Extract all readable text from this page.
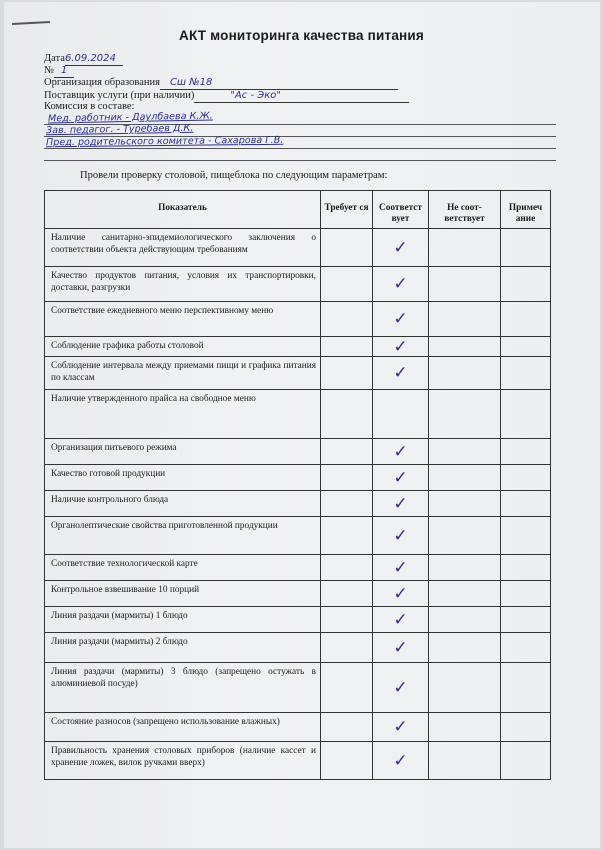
АКТ мониторинга качества питания
Дата6.09.2024
№ 1
Организация образования Сш №18
Поставщик услуги (при наличии)	"Ас - Эко"
Комиссия в составе:
Мед. работник - Даулбаева К.Ж.
Зав. педагог. - Туребаев Д.К.
Пред. родительского комитета - Сахарова Г.В.
Провели проверку столовой, пищеблока по следующим параметрам:
Показатель	Требует ся	Соответст вует	Не соот- ветствует	Примеч ание
Наличие санитарно-эпидемиологического заключения о соответствии объекта действующим требованиям		✓		

Качество продуктов питания, условия их транспортировки, доставки, разгрузки		✓		

Соответствие ежедневного меню перспективному меню		✓		

Соблюдение графика работы столовой		✓		

Соблюдение интервала между приемами пищи и графика питания по классам		✓		

Наличие утвержденного прайса на свободное меню				
Организация питьевого режима		✓		

Качество готовой продукции		✓		

Наличие контрольного блюда		✓		

Органолептические свойства приготовленной продукции		✓		

Соответствие технологической карте		✓		

Контрольное взвешивание 10 порций		✓		

Линия раздачи (мармиты) 1 блюдо		✓		

Линия раздачи (мармиты) 2 блюдо		✓		

Линия раздачи (мармиты) 3 блюдо (запрещено остужать в алюминиевой посуде)		✓		

Состояние разносов (запрещено использование влажных)		✓		

Правильность хранения столовых приборов (наличие кассет и хранение ложек, вилок ручками вверх)		✓		
